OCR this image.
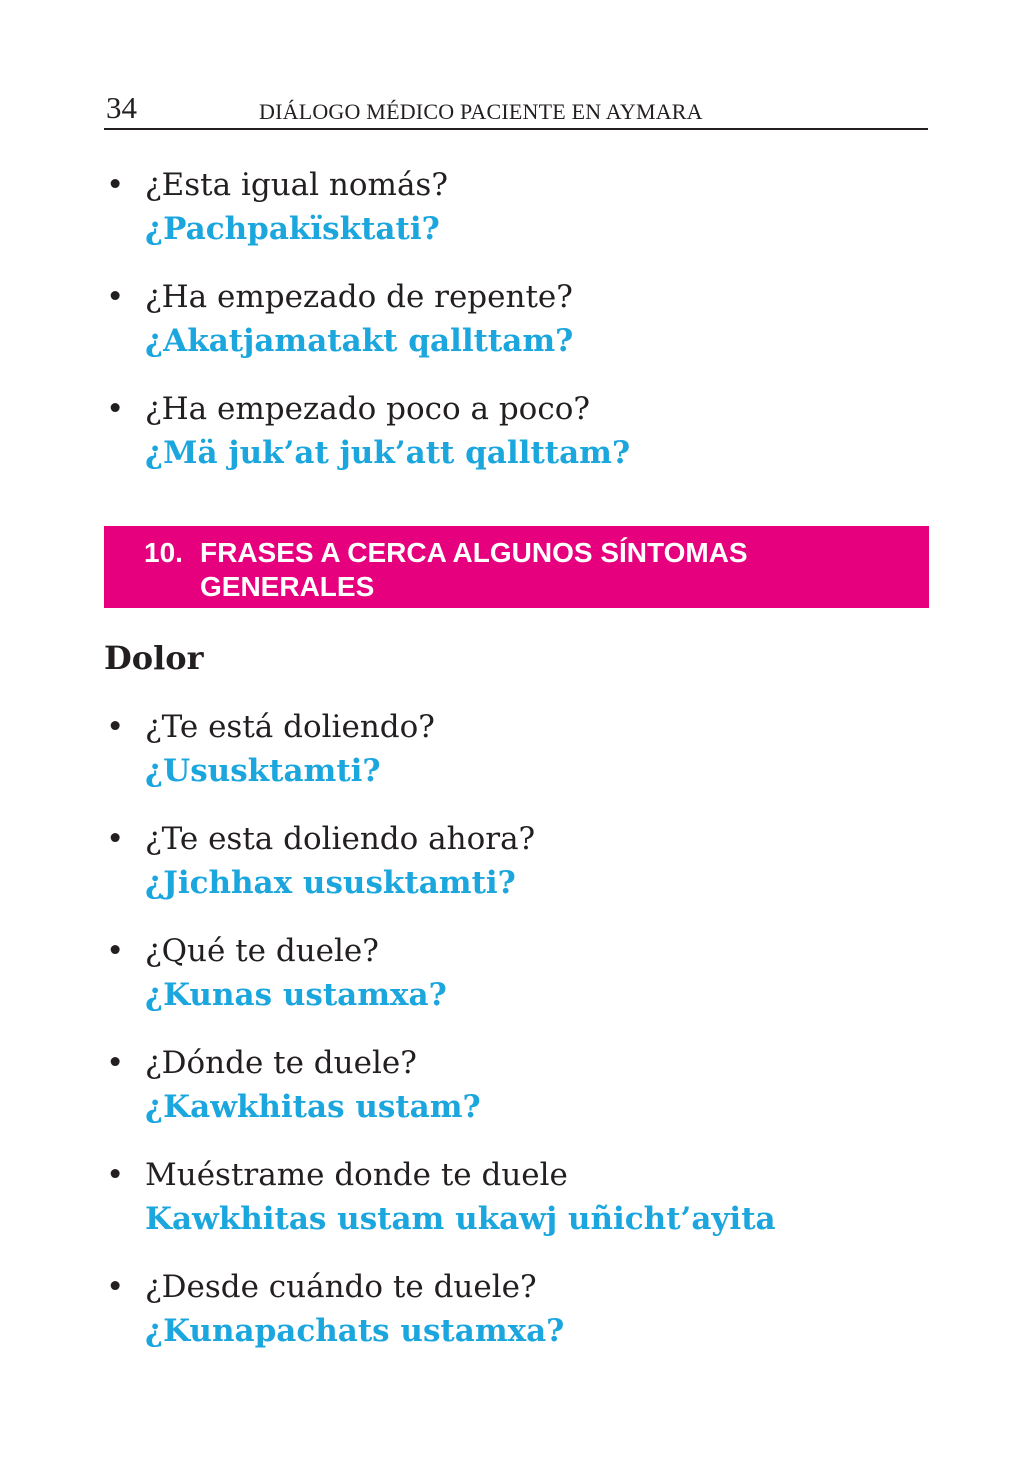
34	DIÁLOGO MÉDICO PACIENTE EN AYMARA
• ¿Esta igual nomás?
¿Pachpakïsktati?
• ¿Ha empezado de repente?
¿Akatjamatakt qallttam?
• ¿Ha empezado poco a poco?
¿Mä juk’at juk’att qallttam?
10. FRASES A CERCA ALGUNOS SÍNTOMAS GENERALES
Dolor
• ¿Te está doliendo?
¿Ususktamti?
• ¿Te esta doliendo ahora?
¿Jichhax ususktamti?
• ¿Qué te duele?
¿Kunas ustamxa?
• ¿Dónde te duele?
¿Kawkhitas ustam?
• Muéstrame donde te duele
Kawkhitas ustam ukawj uñicht’ayita
• ¿Desde cuándo te duele?
¿Kunapachats ustamxa?
